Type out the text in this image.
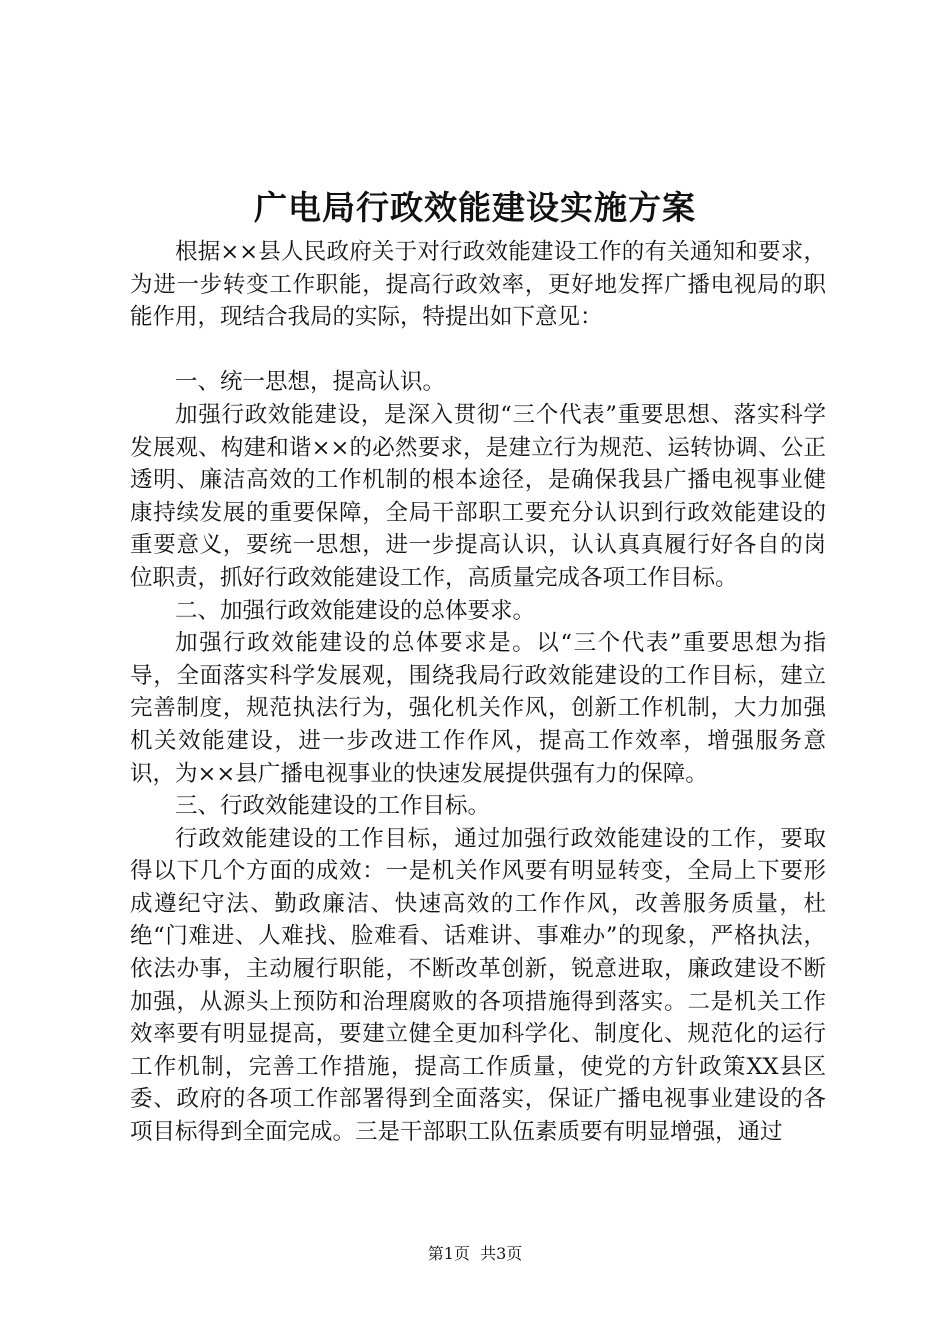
广电局行政效能建设实施方案

根据××县人民政府关于对行政效能建设工作的有关通知和要求，为进一步转变工作职能，提高行政效率，更好地发挥广播电视局的职能作用，现结合我局的实际，特提出如下意见：

一、统一思想，提高认识。

加强行政效能建设，是深入贯彻“三个代表”重要思想、落实科学发展观、构建和谐××的必然要求，是建立行为规范、运转协调、公正透明、廉洁高效的工作机制的根本途径，是确保我县广播电视事业健康持续发展的重要保障，全局干部职工要充分认识到行政效能建设的重要意义，要统一思想，进一步提高认识，认认真真履行好各自的岗位职责，抓好行政效能建设工作，高质量完成各项工作目标。

二、加强行政效能建设的总体要求。

加强行政效能建设的总体要求是。以“三个代表”重要思想为指导，全面落实科学发展观，围绕我局行政效能建设的工作目标，建立完善制度，规范执法行为，强化机关作风，创新工作机制，大力加强机关效能建设，进一步改进工作作风，提高工作效率，增强服务意识，为××县广播电视事业的快速发展提供强有力的保障。

三、行政效能建设的工作目标。

行政效能建设的工作目标，通过加强行政效能建设的工作，要取得以下几个方面的成效：一是机关作风要有明显转变，全局上下要形成遵纪守法、勤政廉洁、快速高效的工作作风，改善服务质量，杜绝“门难进、人难找、脸难看、话难讲、事难办”的现象，严格执法，依法办事，主动履行职能，不断改革创新，锐意进取，廉政建设不断加强，从源头上预防和治理腐败的各项措施得到落实。二是机关工作效率要有明显提高，要建立健全更加科学化、制度化、规范化的运行工作机制，完善工作措施，提高工作质量，使党的方针政策XX县区委、政府的各项工作部署得到全面落实，保证广播电视事业建设的各项目标得到全面完成。三是干部职工队伍素质要有明显增强，通过

第1页 共3页
